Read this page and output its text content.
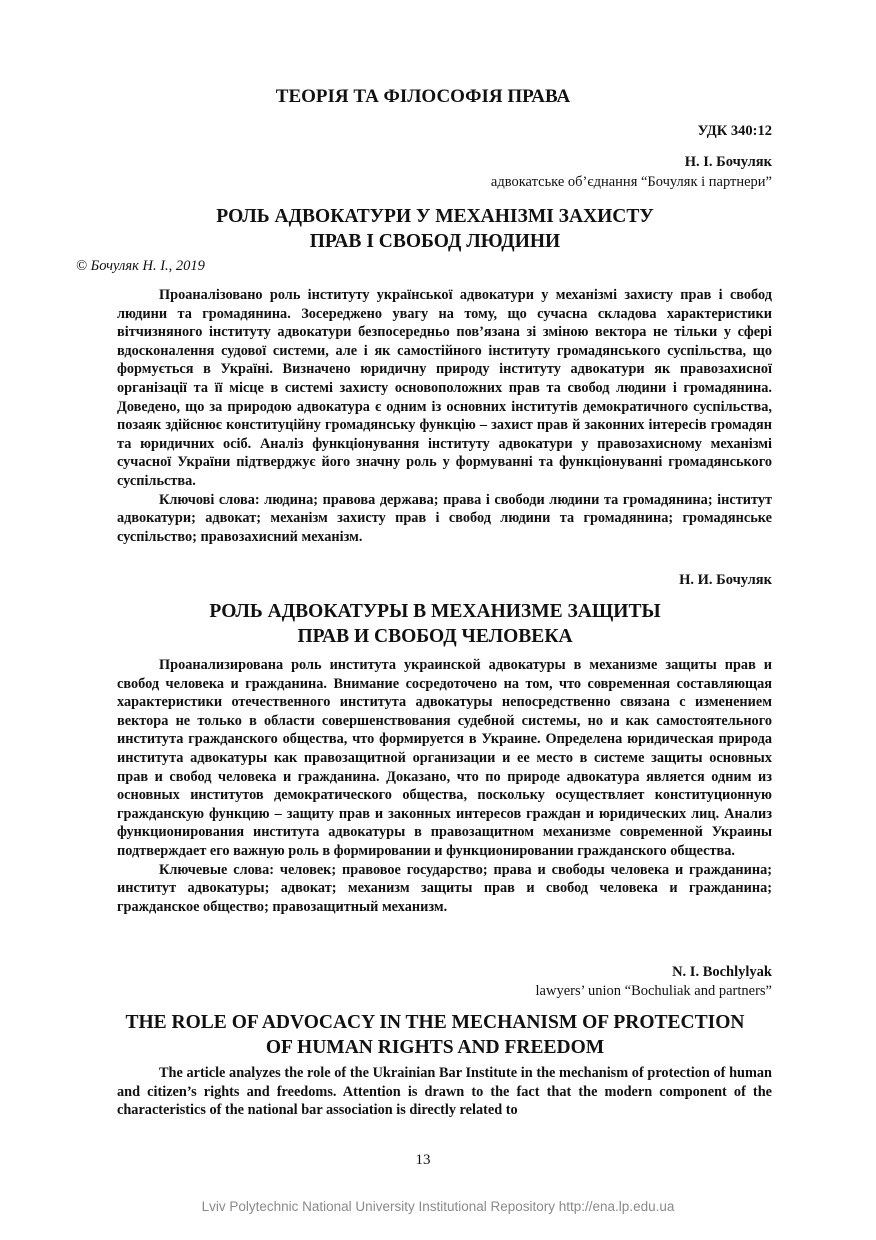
ТЕОРІЯ ТА ФІЛОСОФІЯ ПРАВА
УДК 340:12
Н. І. Бочуляк
адвокатське об’єднання “Бочуляк і партнери”
РОЛЬ АДВОКАТУРИ У МЕХАНІЗМІ ЗАХИСТУ
ПРАВ І СВОБОД ЛЮДИНИ
© Бочуляк Н. І., 2019

Проаналізовано роль інституту української адвокатури у механізмі захисту прав і свобод людини та громадянина. Зосереджено увагу на тому, що сучасна складова характеристики вітчизняного інституту адвокатури безпосередньо пов’язана зі зміною вектора не тільки у сфері вдосконалення судової системи, але і як самостійного інституту громадянського суспільства, що формується в Україні. Визначено юридичну природу інституту адвокатури як правозахисної організації та її місце в системі захисту основоположних прав та свобод людини і громадянина. Доведено, що за природою адвокатура є одним із основних інститутів демократичного суспільства, позаяк здійснює конституційну громадянську функцію – захист прав й законних інтересів громадян та юридичних осіб. Аналіз функціонування інституту адвокатури у правозахисному механізмі сучасної України підтверджує його значну роль у формуванні та функціонуванні громадянського суспільства.

Ключові слова: людина; правова держава; права і свободи людини та громадянина; інститут адвокатури; адвокат; механізм захисту прав і свобод людини та громадянина; громадянське суспільство; правозахисний механізм.

Н. И. Бочуляк
РОЛЬ АДВОКАТУРЫ В МЕХАНИЗМЕ ЗАЩИТЫ
ПРАВ И СВОБОД ЧЕЛОВЕКА

Проанализирована роль института украинской адвокатуры в механизме защиты прав и свобод человека и гражданина. Внимание сосредоточено на том, что современная составляющая характеристики отечественного института адвокатуры непосредственно связана с изменением вектора не только в области совершенствования судебной системы, но и как самостоятельного института гражданского общества, что формируется в Украине. Определена юридическая природа института адвокатуры как правозащитной организации и ее место в системе защиты основных прав и свобод человека и гражданина. Доказано, что по природе адвокатура является одним из основных институтов демократического общества, поскольку осуществляет конституционную гражданскую функцию – защиту прав и законных интересов граждан и юридических лиц. Анализ функционирования института адвокатуры в правозащитном механизме современной Украины подтверждает его важную роль в формировании и функционировании гражданского общества.

Ключевые слова: человек; правовое государство; права и свободы человека и гражданина; институт адвокатуры; адвокат; механизм защиты прав и свобод человека и гражданина; гражданское общество; правозащитный механизм.

N. I. Bochlylyak
lawyers’ union “Bochuliak and partners”
THE ROLE OF ADVOCACY IN THE MECHANISM OF PROTECTION
OF HUMAN RIGHTS AND FREEDOM

The article analyzes the role of the Ukrainian Bar Institute in the mechanism of protection of human and citizen’s rights and freedoms. Attention is drawn to the fact that the modern component of the characteristics of the national bar association is directly related to

13
Lviv Polytechnic National University Institutional Repository http://ena.lp.edu.ua
